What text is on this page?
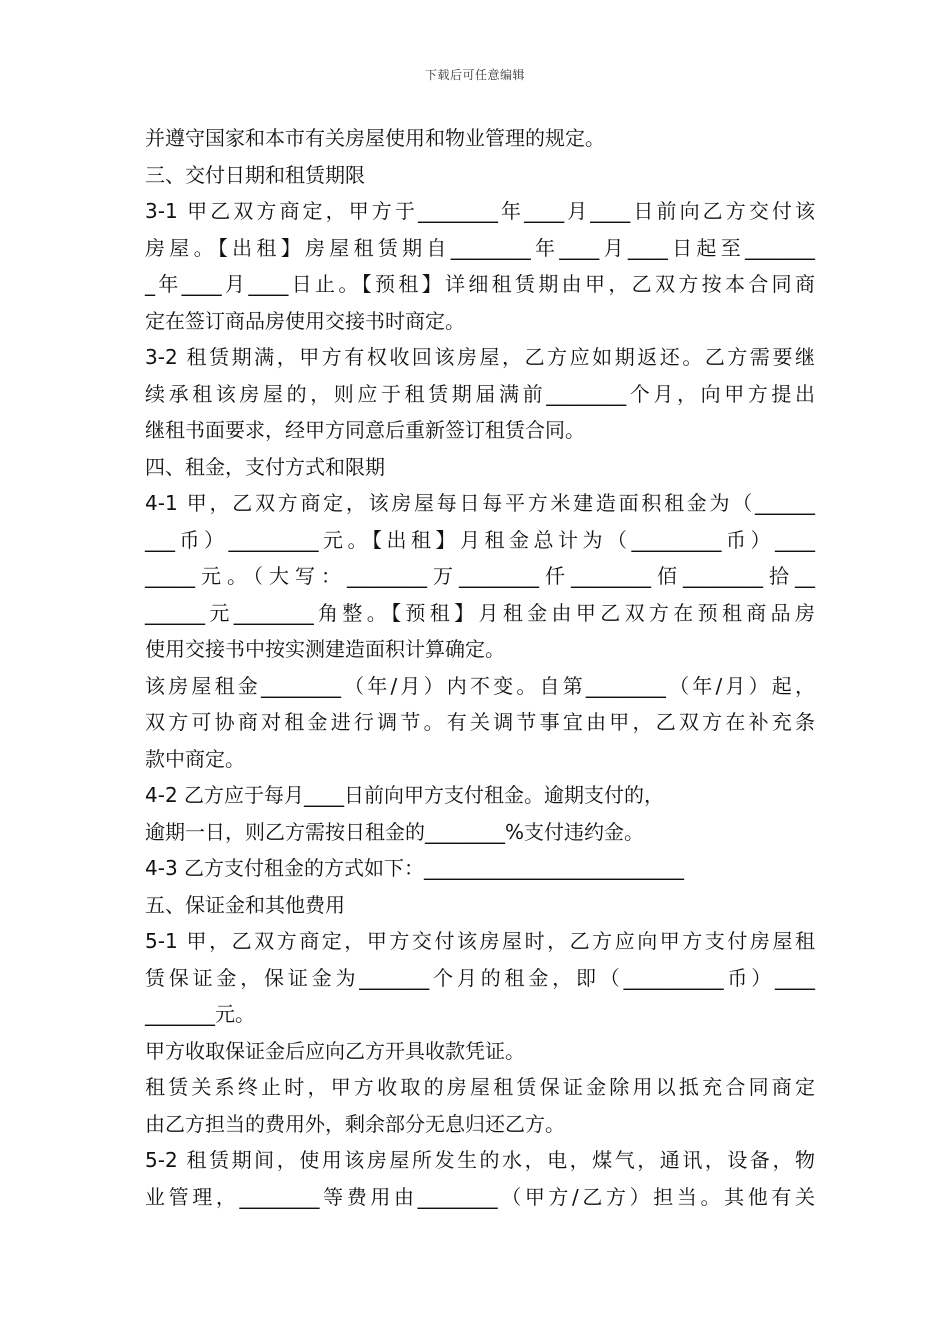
下载后可任意编辑
并遵守国家和本市有关房屋使用和物业管理的规定。
三、交付日期和租赁期限
3-1 甲乙双方商定，甲方于________年____月____日前向乙方交付该
房屋。【出租】房屋租赁期自________年____月____日起至_______
_年____月____日止。【预租】详细租赁期由甲，乙双方按本合同商
定在签订商品房使用交接书时商定。
3-2 租赁期满，甲方有权收回该房屋，乙方应如期返还。乙方需要继
续承租该房屋的，则应于租赁期届满前________个月，向甲方提出
继租书面要求，经甲方同意后重新签订租赁合同。
四、租金，支付方式和限期
4-1 甲，乙双方商定，该房屋每日每平方米建造面积租金为（______
___币）_________元。【出租】月租金总计为（_________币）____
_____元。（大写：________万________仟________佰________拾__
______元________角整。【预租】月租金由甲乙双方在预租商品房
使用交接书中按实测建造面积计算确定。
该房屋租金________（年/月）内不变。自第________（年/月）起，
双方可协商对租金进行调节。有关调节事宜由甲，乙双方在补充条
款中商定。
4-2 乙方应于每月____日前向甲方支付租金。逾期支付的，
逾期一日，则乙方需按日租金的________%支付违约金。
4-3 乙方支付租金的方式如下：__________________________
五、保证金和其他费用
5-1 甲，乙双方商定，甲方交付该房屋时，乙方应向甲方支付房屋租
赁保证金，保证金为_______个月的租金，即（__________币）____
_______元。
甲方收取保证金后应向乙方开具收款凭证。
租赁关系终止时，甲方收取的房屋租赁保证金除用以抵充合同商定
由乙方担当的费用外，剩余部分无息归还乙方。
5-2 租赁期间，使用该房屋所发生的水，电，煤气，通讯，设备，物
业管理，________等费用由________（甲方/乙方）担当。其他有关
